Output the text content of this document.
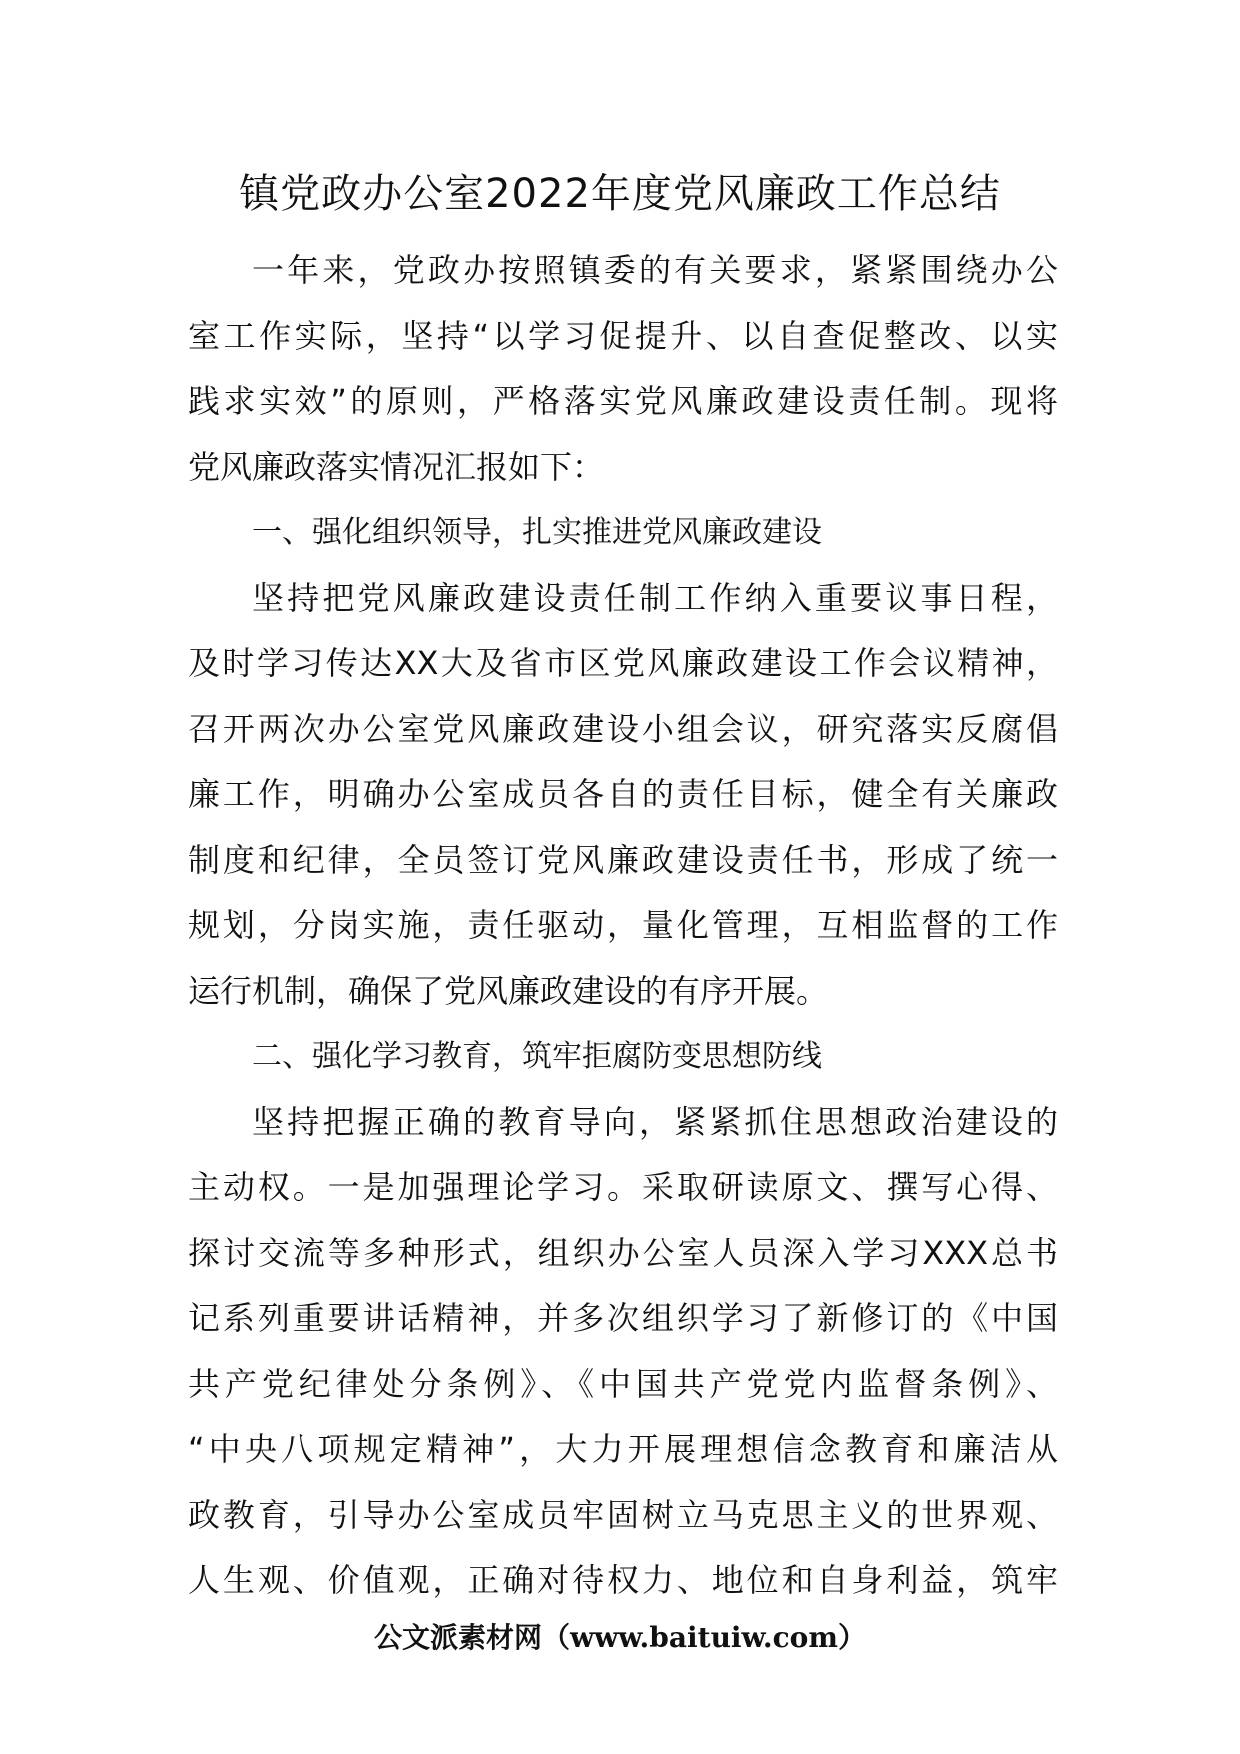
镇党政办公室2022年度党风廉政工作总结
一年来，党政办按照镇委的有关要求，紧紧围绕办公
室工作实际，坚持“以学习促提升、以自查促整改、以实
践求实效”的原则，严格落实党风廉政建设责任制。现将
党风廉政落实情况汇报如下：
一、强化组织领导，扎实推进党风廉政建设
坚持把党风廉政建设责任制工作纳入重要议事日程，
及时学习传达XX大及省市区党风廉政建设工作会议精神，
召开两次办公室党风廉政建设小组会议，研究落实反腐倡
廉工作，明确办公室成员各自的责任目标，健全有关廉政
制度和纪律，全员签订党风廉政建设责任书，形成了统一
规划，分岗实施，责任驱动，量化管理，互相监督的工作
运行机制，确保了党风廉政建设的有序开展。
二、强化学习教育，筑牢拒腐防变思想防线
坚持把握正确的教育导向，紧紧抓住思想政治建设的
主动权。一是加强理论学习。采取研读原文、撰写心得、
探讨交流等多种形式，组织办公室人员深入学习XXX总书
记系列重要讲话精神，并多次组织学习了新修订的《中国
共产党纪律处分条例》、《中国共产党党内监督条例》、
“中央八项规定精神”，大力开展理想信念教育和廉洁从
政教育，引导办公室成员牢固树立马克思主义的世界观、
人生观、价值观，正确对待权力、地位和自身利益，筑牢
公文派素材网（www.baituiw.com）
